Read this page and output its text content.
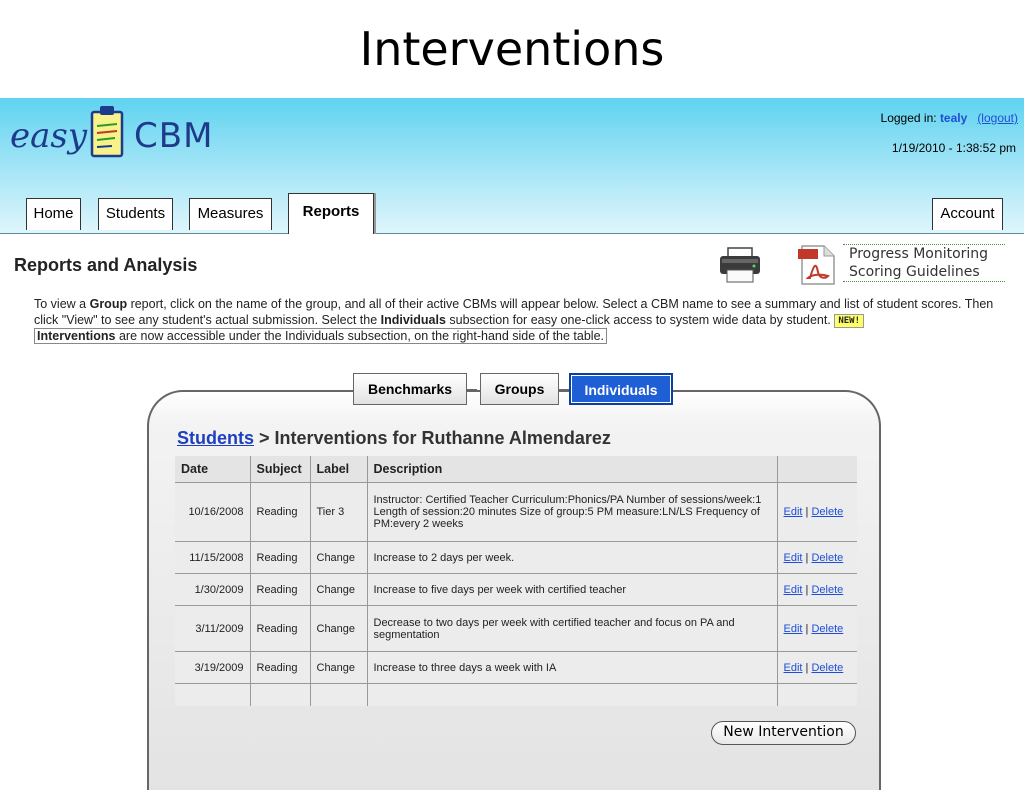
Interventions
easy CBM	Logged in: tealy (logout)
1/19/2010 - 1:38:52 pm
Home	Students	Measures	Reports	Account
Reports and Analysis
Progress Monitoring
Scoring Guidelines
To view a Group report, click on the name of the group, and all of their active CBMs will appear below. Select a CBM name to see a summary and list of student scores. Then click "View" to see any student's actual submission. Select the Individuals subsection for easy one-click access to system wide data by student. NEW!
Interventions are now accessible under the Individuals subsection, on the right-hand side of the table.
Benchmarks	Groups	Individuals
Students > Interventions for Ruthanne Almendarez
Date	Subject	Label	Description	
10/16/2008	Reading	Tier 3	Instructor: Certified Teacher Curriculum:Phonics/PA Number of sessions/week:1 Length of session:20 minutes Size of group:5 PM measure:LN/LS Frequency of PM:every 2 weeks	Edit | Delete
11/15/2008	Reading	Change	Increase to 2 days per week.	Edit | Delete
1/30/2009	Reading	Change	Increase to five days per week with certified teacher	Edit | Delete
3/11/2009	Reading	Change	Decrease to two days per week with certified teacher and focus on PA and segmentation	Edit | Delete
3/19/2009	Reading	Change	Increase to three days a week with IA	Edit | Delete

New Intervention
